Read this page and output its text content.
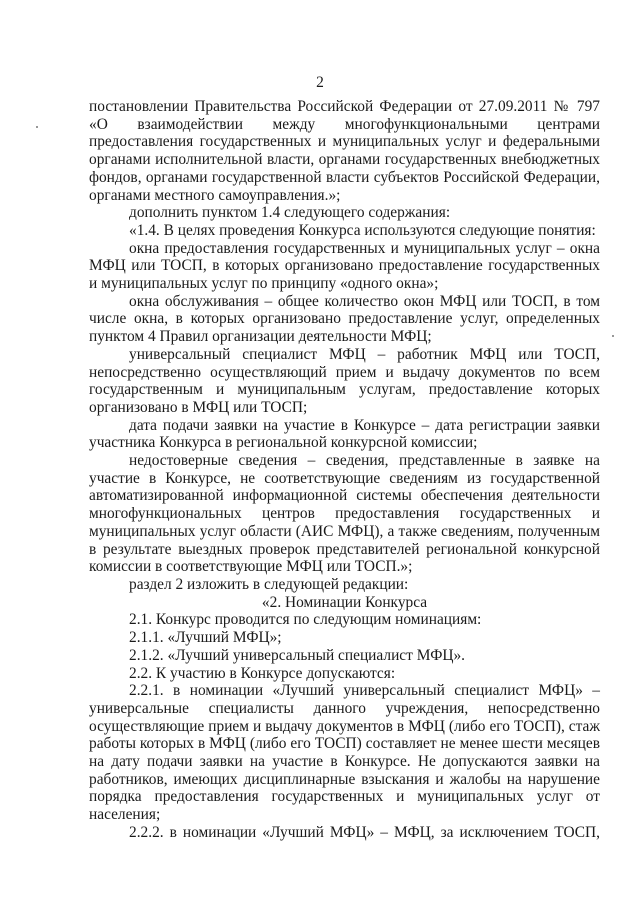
2

постановлении Правительства Российской Федерации от 27.09.2011 № 797 «О взаимодействии между многофункциональными центрами предоставления государственных и муниципальных услуг и федеральными органами исполнительной власти, органами государственных внебюджетных фондов, органами государственной власти субъектов Российской Федерации, органами местного самоуправления.»;

дополнить пунктом 1.4 следующего содержания:

«1.4. В целях проведения Конкурса используются следующие понятия:

окна предоставления государственных и муниципальных услуг – окна МФЦ или ТОСП, в которых организовано предоставление государственных и муниципальных услуг по принципу «одного окна»;

окна обслуживания – общее количество окон МФЦ или ТОСП, в том числе окна, в которых организовано предоставление услуг, определенных пунктом 4 Правил организации деятельности МФЦ;

универсальный специалист МФЦ – работник МФЦ или ТОСП, непосредственно осуществляющий прием и выдачу документов по всем государственным и муниципальным услугам, предоставление которых организовано в МФЦ или ТОСП;

дата подачи заявки на участие в Конкурсе – дата регистрации заявки участника Конкурса в региональной конкурсной комиссии;

недостоверные сведения – сведения, представленные в заявке на участие в Конкурсе, не соответствующие сведениям из государственной автоматизированной информационной системы обеспечения деятельности многофункциональных центров предоставления государственных и муниципальных услуг области (АИС МФЦ), а также сведениям, полученным в результате выездных проверок представителей региональной конкурсной комиссии в соответствующие МФЦ или ТОСП.»;

раздел 2 изложить в следующей редакции:

«2. Номинации Конкурса

2.1. Конкурс проводится по следующим номинациям:

2.1.1. «Лучший МФЦ»;

2.1.2. «Лучший универсальный специалист МФЦ».

2.2. К участию в Конкурсе допускаются:

2.2.1. в номинации «Лучший универсальный специалист МФЦ» – универсальные специалисты данного учреждения, непосредственно осуществляющие прием и выдачу документов в МФЦ (либо его ТОСП), стаж работы которых в МФЦ (либо его ТОСП) составляет не менее шести месяцев на дату подачи заявки на участие в Конкурсе. Не допускаются заявки на работников, имеющих дисциплинарные взыскания и жалобы на нарушение порядка предоставления государственных и муниципальных услуг от населения;

2.2.2. в номинации «Лучший МФЦ» – МФЦ, за исключением ТОСП,
